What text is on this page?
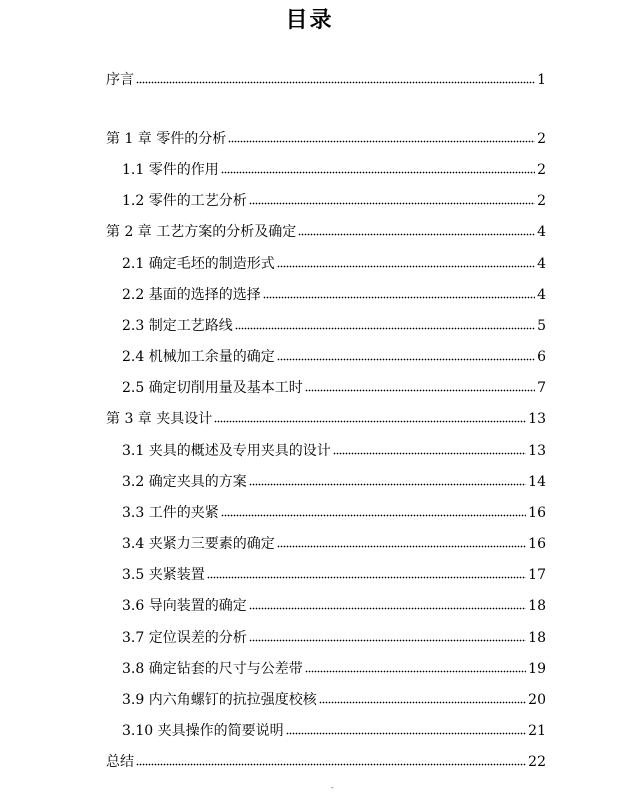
目录
序言	1
第 1 章 零件的分析	2
1.1 零件的作用	2
1.2 零件的工艺分析	2
第 2 章 工艺方案的分析及确定	4
2.1 确定毛坯的制造形式	4
2.2 基面的选择的选择	4
2.3 制定工艺路线	5
2.4 机械加工余量的确定	6
2.5 确定切削用量及基本工时	7
第 3 章 夹具设计	13
3.1 夹具的概述及专用夹具的设计	13
3.2 确定夹具的方案	14
3.3 工件的夹紧	16
3.4 夹紧力三要素的确定	16
3.5 夹紧装置	17
3.6 导向装置的确定	18
3.7 定位误差的分析	18
3.8 确定钻套的尺寸与公差带	19
3.9 内六角螺钉的抗拉强度校核	20
3.10 夹具操作的简要说明	21
总结	22
-
